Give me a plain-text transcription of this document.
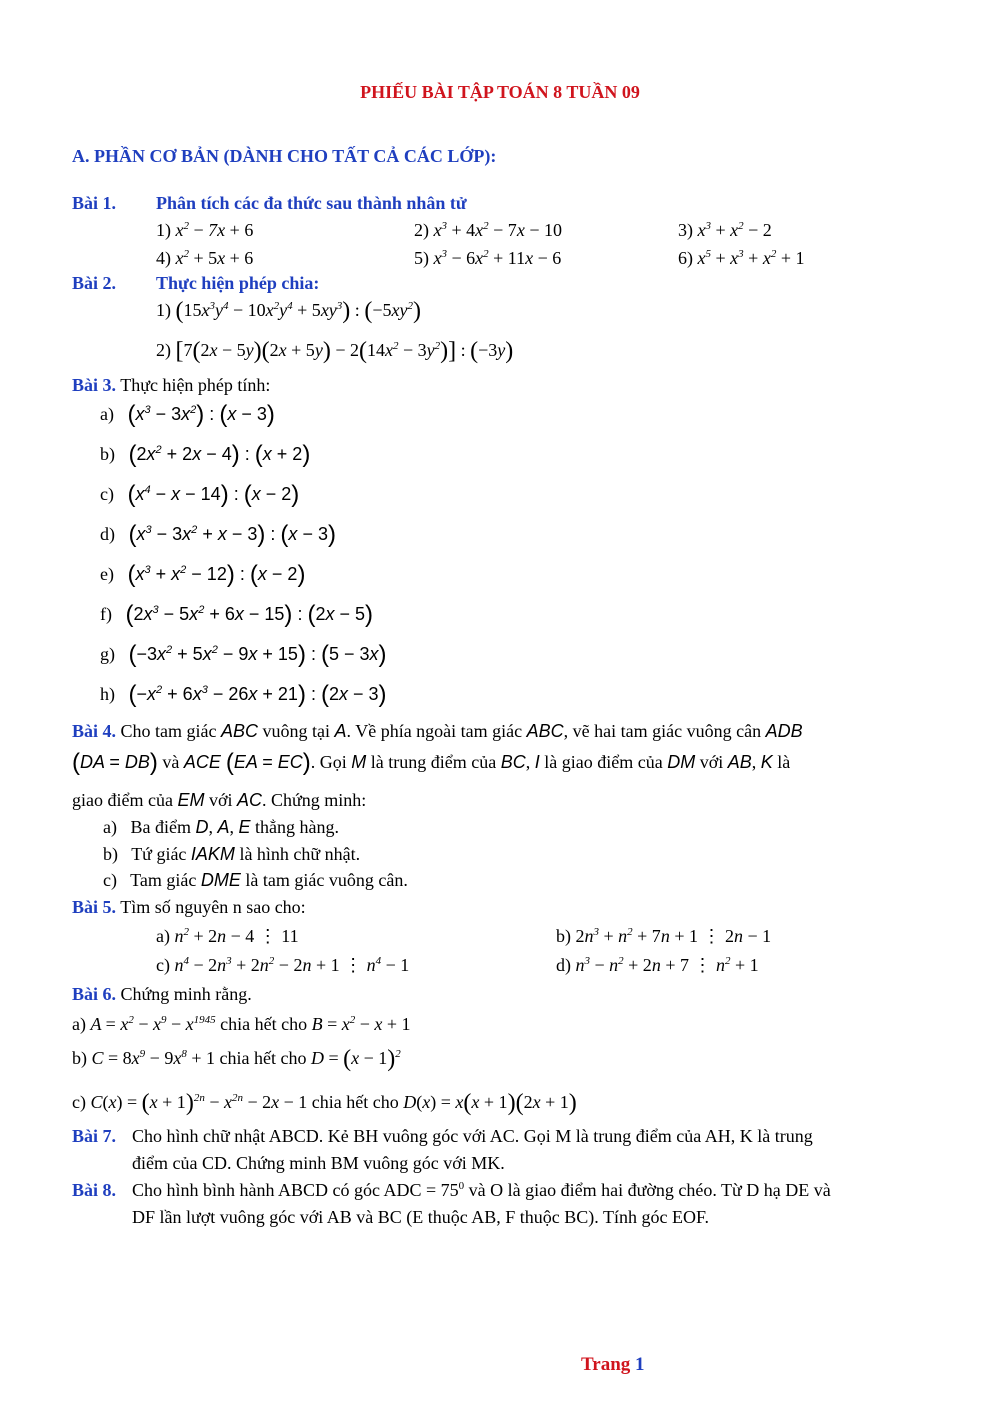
PHIẾU BÀI TẬP TOÁN 8 TUẦN 09
A. PHẦN CƠ BẢN (DÀNH CHO TẤT CẢ CÁC LỚP):
Bài 1. Phân tích các đa thức sau thành nhân tử
1) $x^2 - 7x + 6$	2) $x^3 + 4x^2 - 7x - 10$	3) $x^3 + x^2 - 2$
4) $x^2 + 5x + 6$	5) $x^3 - 6x^2 + 11x - 6$	6) $x^5 + x^3 + x^2 + 1$
Bài 2. Thực hiện phép chia:
1) $(15x^3y^4 - 10x^2y^4 + 5xy^3)$ : $(-5xy^2)$
2) $[7(2x - 5y)(2x + 5y) - 2(14x^2 - 3y^2)]$ : (−3y)
Bài 3. Thực hiện phép tính:
a) $(x^3 - 3x^2)$ : (x − 3)
b) $(2x^2 + 2x - 4)$ : (x + 2)
c) $(x^4 - x - 14)$ : (x − 2)
d) $(x^3 - 3x^2 + x - 3)$ : (x − 3)
e) $(x^3 + x^2 - 12)$ : (x − 2)
f) $(2x^3 - 5x^2 + 6x - 15)$ : (2x − 5)
g) $(-3x^2 + 5x^2 - 9x + 15)$ : (5 − 3x)
h) $(-x^2 + 6x^3 - 26x + 21)$ : (2x − 3)
Bài 4. Cho tam giác ABC vuông tại A. Về phía ngoài tam giác ABC, vẽ hai tam giác vuông cân ADB
(DA = DB) và ACE (EA = EC). Gọi M là trung điểm của BC, I là giao điểm của DM với AB, K là
giao điểm của EM với AC. Chứng minh:
a) Ba điểm D, A, E thẳng hàng.
b) Tứ giác IAKM là hình chữ nhật.
c) Tam giác DME là tam giác vuông cân.
Bài 5. Tìm số nguyên n sao cho:
a) $n^2 + 2n - 4$ ⋮ 11	b) $2n^3 + n^2 + 7n + 1$ ⋮ 2n − 1
c) $n^4 - 2n^3 + 2n^2 - 2n + 1$ ⋮ $n^4 - 1$	d) $n^3 - n^2 + 2n + 7$ ⋮ $n^2 + 1$
Bài 6. Chứng minh rằng.
a) $A = x^2 - x^9 - x^{1945}$ chia hết cho $B = x^2 - x + 1$
b) $C = 8x^9 - 9x^8 + 1$ chia hết cho $D = (x - 1)^2$
c) $C(x) = (x + 1)^{2n} - x^{2n} - 2x - 1$ chia hết cho D(x) = x(x + 1)(2x + 1)
Bài 7. Cho hình chữ nhật ABCD. Kẻ BH vuông góc với AC. Gọi M là trung điểm của AH, K là trung
điểm của CD. Chứng minh BM vuông góc với MK.
Bài 8. Cho hình bình hành ABCD có góc ADC = $75^0$ và O là giao điểm hai đường chéo. Từ D hạ DE và
DF lần lượt vuông góc với AB và BC (E thuộc AB, F thuộc BC). Tính góc EOF.
Trang 1
